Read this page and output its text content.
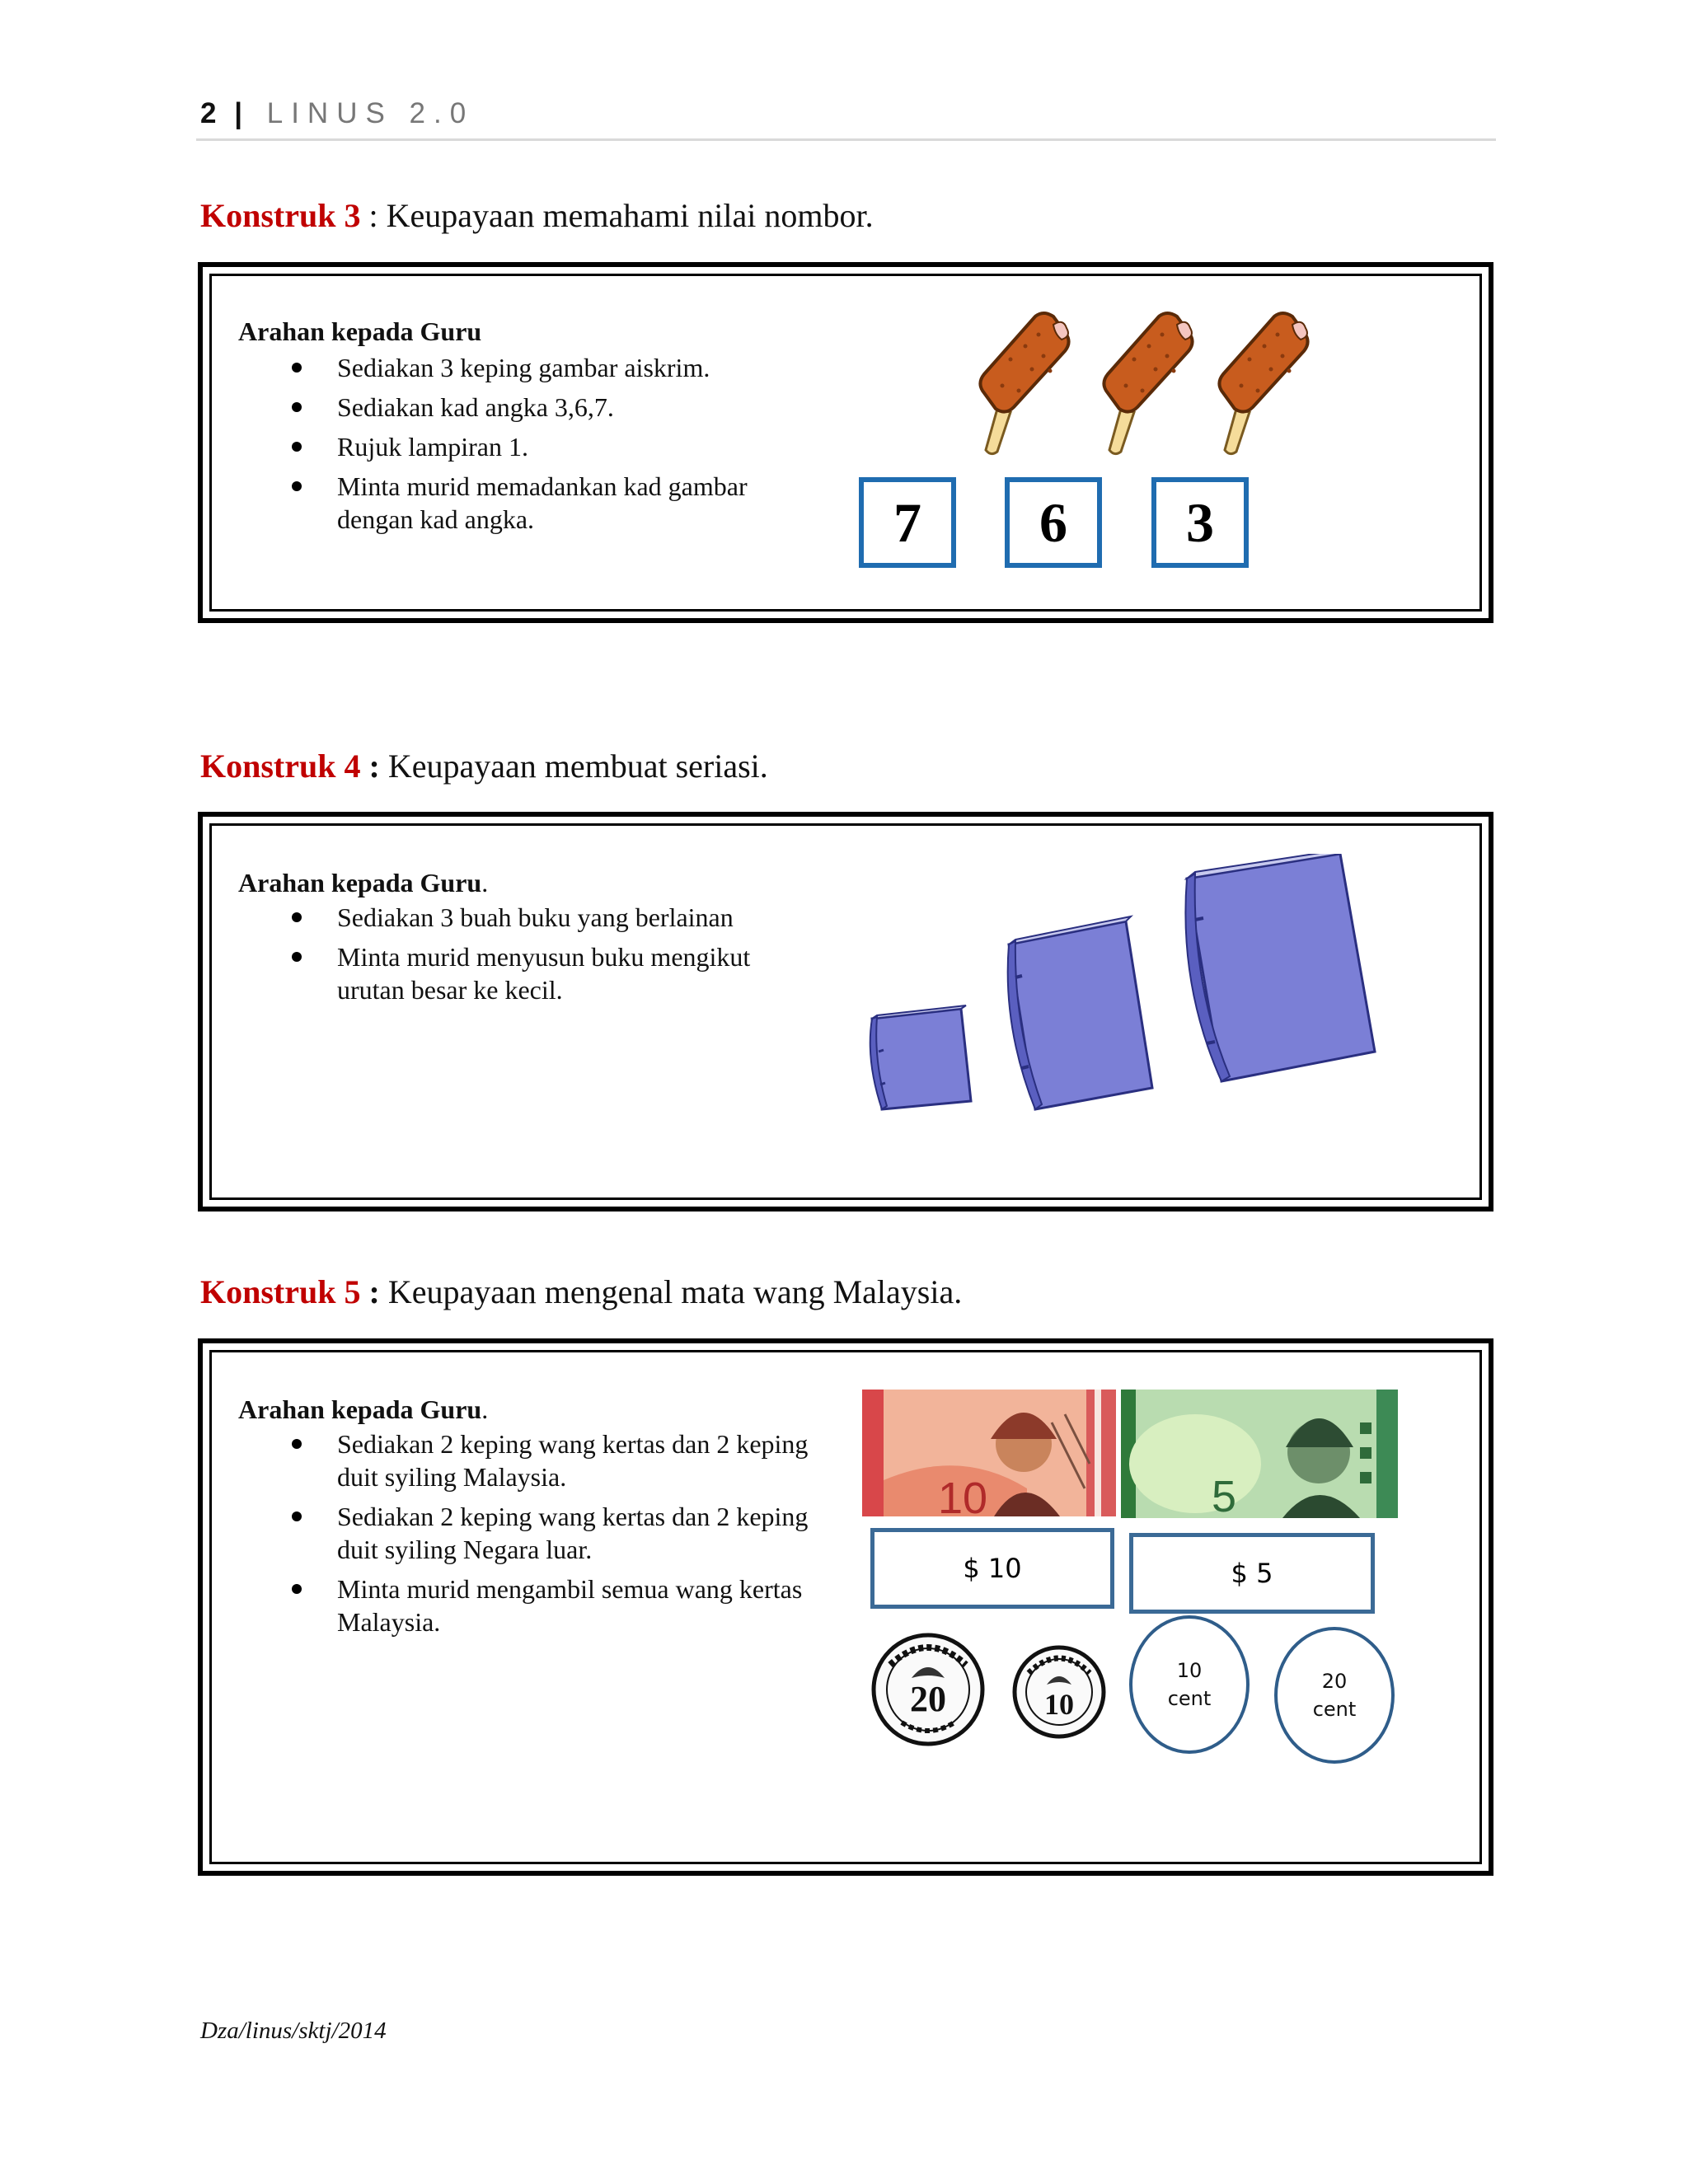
2 | LINUS 2.0
Konstruk 3 : Keupayaan memahami nilai nombor.
Arahan kepada Guru
Sediakan 3 keping gambar aiskrim.
Sediakan kad angka 3,6,7.
Rujuk lampiran 1.
Minta murid memadankan kad gambar dengan kad angka.	7	6	3
Konstruk 4 : Keupayaan membuat seriasi.
Arahan kepada Guru.
Sediakan 3 buah buku yang berlainan
Minta murid menyusun buku mengikut urutan besar ke kecil.
Konstruk 5 : Keupayaan mengenal mata wang Malaysia.
Arahan kepada Guru.
Sediakan 2 keping wang kertas dan 2 keping duit syiling Malaysia.
Sediakan 2 keping wang kertas dan 2 keping duit syiling Negara luar.
Minta murid mengambil semua wang kertas Malaysia.
10	5
$ 10	$ 5
20	10
10
cent
20
cent
Dza/linus/sktj/2014
